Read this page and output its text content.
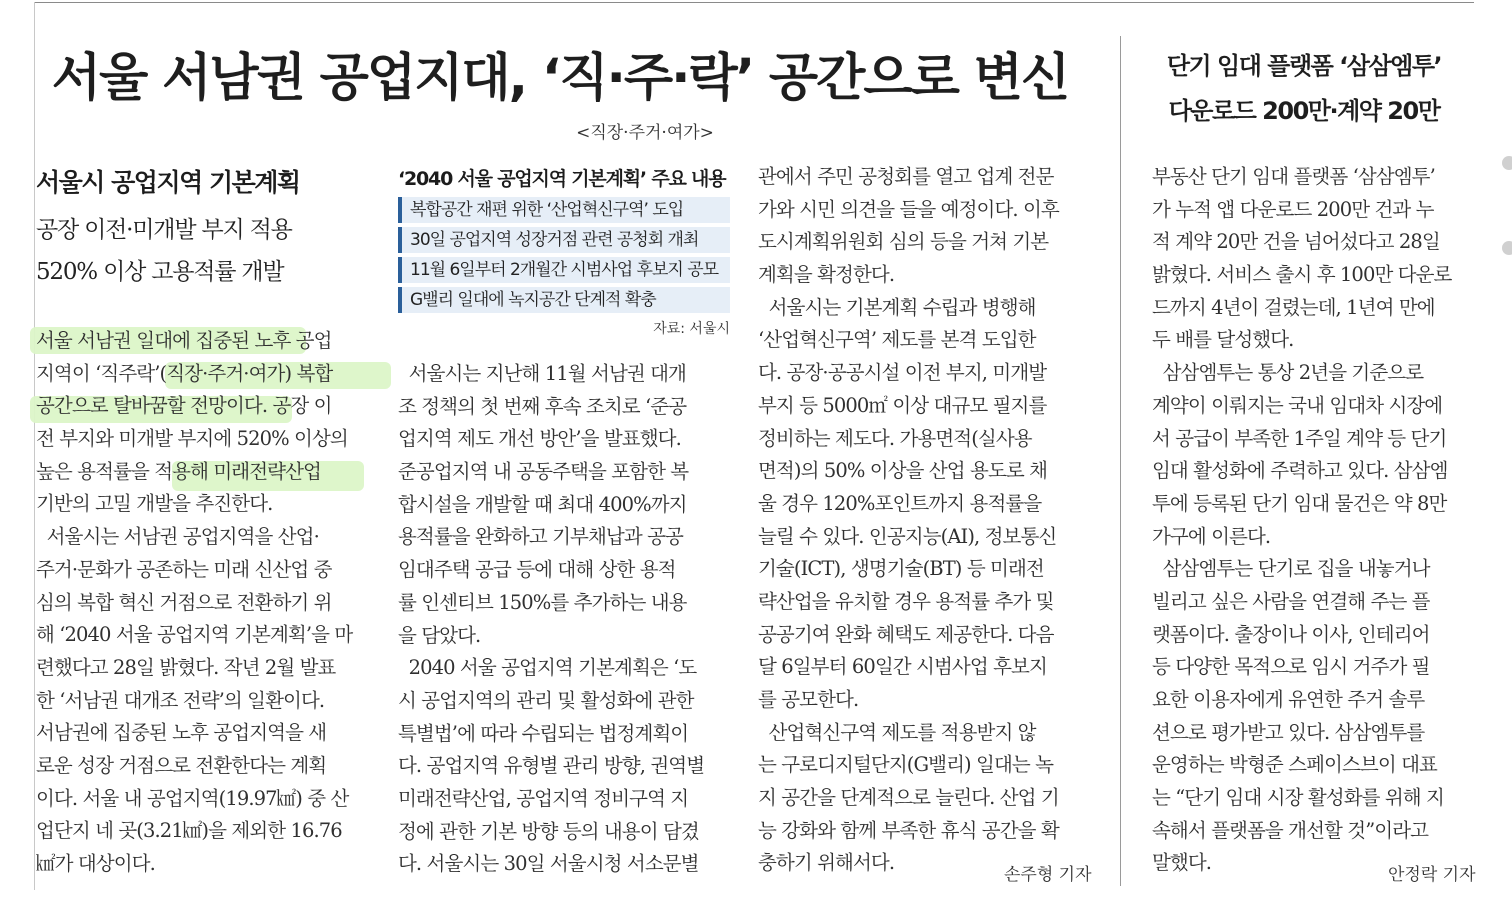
서울 서남권 공업지대, ‘직·주·락’ 공간으로 변신
<직장·주거·여가>
서울시 공업지역 기본계획
공장 이전·미개발 부지 적용
520% 이상 고용적률 개발
서울 서남권 일대에 집중된 노후 공업
지역이 ‘직주락’(직장·주거·여가) 복합
공간으로 탈바꿈할 전망이다. 공장 이
전 부지와 미개발 부지에 520% 이상의
높은 용적률을 적용해 미래전략산업
기반의 고밀 개발을 추진한다.
서울시는 서남권 공업지역을 산업·
주거·문화가 공존하는 미래 신산업 중
심의 복합 혁신 거점으로 전환하기 위
해 ‘2040 서울 공업지역 기본계획’을 마
련했다고 28일 밝혔다. 작년 2월 발표
한 ‘서남권 대개조 전략’의 일환이다.
서남권에 집중된 노후 공업지역을 새
로운 성장 거점으로 전환한다는 계획
이다. 서울 내 공업지역(19.97㎢) 중 산
업단지 네 곳(3.21㎢)을 제외한 16.76
㎢가 대상이다.
‘2040 서울 공업지역 기본계획’ 주요 내용
복합공간 재편 위한 ‘산업혁신구역’ 도입
30일 공업지역 성장거점 관련 공청회 개최
11월 6일부터 2개월간 시범사업 후보지 공모
G밸리 일대에 녹지공간 단계적 확충
자료: 서울시
서울시는 지난해 11월 서남권 대개
조 정책의 첫 번째 후속 조치로 ‘준공
업지역 제도 개선 방안’을 발표했다.
준공업지역 내 공동주택을 포함한 복
합시설을 개발할 때 최대 400%까지
용적률을 완화하고 기부채납과 공공
임대주택 공급 등에 대해 상한 용적
률 인센티브 150%를 추가하는 내용
을 담았다.
2040 서울 공업지역 기본계획은 ‘도
시 공업지역의 관리 및 활성화에 관한
특별법’에 따라 수립되는 법정계획이
다. 공업지역 유형별 관리 방향, 권역별
미래전략산업, 공업지역 정비구역 지
정에 관한 기본 방향 등의 내용이 담겼
다. 서울시는 30일 서울시청 서소문별
관에서 주민 공청회를 열고 업계 전문
가와 시민 의견을 들을 예정이다. 이후
도시계획위원회 심의 등을 거쳐 기본
계획을 확정한다.
서울시는 기본계획 수립과 병행해
‘산업혁신구역’ 제도를 본격 도입한
다. 공장·공공시설 이전 부지, 미개발
부지 등 5000㎡ 이상 대규모 필지를
정비하는 제도다. 가용면적(실사용
면적)의 50% 이상을 산업 용도로 채
울 경우 120%포인트까지 용적률을
늘릴 수 있다. 인공지능(AI), 정보통신
기술(ICT), 생명기술(BT) 등 미래전
략산업을 유치할 경우 용적률 추가 및
공공기여 완화 혜택도 제공한다. 다음
달 6일부터 60일간 시범사업 후보지
를 공모한다.
산업혁신구역 제도를 적용받지 않
는 구로디지털단지(G밸리) 일대는 녹
지 공간을 단계적으로 늘린다. 산업 기
능 강화와 함께 부족한 휴식 공간을 확
충하기 위해서다.
손주형 기자
단기 임대 플랫폼 ‘삼삼엠투’
다운로드 200만·계약 20만
부동산 단기 임대 플랫폼 ‘삼삼엠투’
가 누적 앱 다운로드 200만 건과 누
적 계약 20만 건을 넘어섰다고 28일
밝혔다. 서비스 출시 후 100만 다운로
드까지 4년이 걸렸는데, 1년여 만에
두 배를 달성했다.
삼삼엠투는 통상 2년을 기준으로
계약이 이뤄지는 국내 임대차 시장에
서 공급이 부족한 1주일 계약 등 단기
임대 활성화에 주력하고 있다. 삼삼엠
투에 등록된 단기 임대 물건은 약 8만
가구에 이른다.
삼삼엠투는 단기로 집을 내놓거나
빌리고 싶은 사람을 연결해 주는 플
랫폼이다. 출장이나 이사, 인테리어
등 다양한 목적으로 임시 거주가 필
요한 이용자에게 유연한 주거 솔루
션으로 평가받고 있다. 삼삼엠투를
운영하는 박형준 스페이스브이 대표
는 “단기 임대 시장 활성화를 위해 지
속해서 플랫폼을 개선할 것”이라고
말했다.
안정락 기자
